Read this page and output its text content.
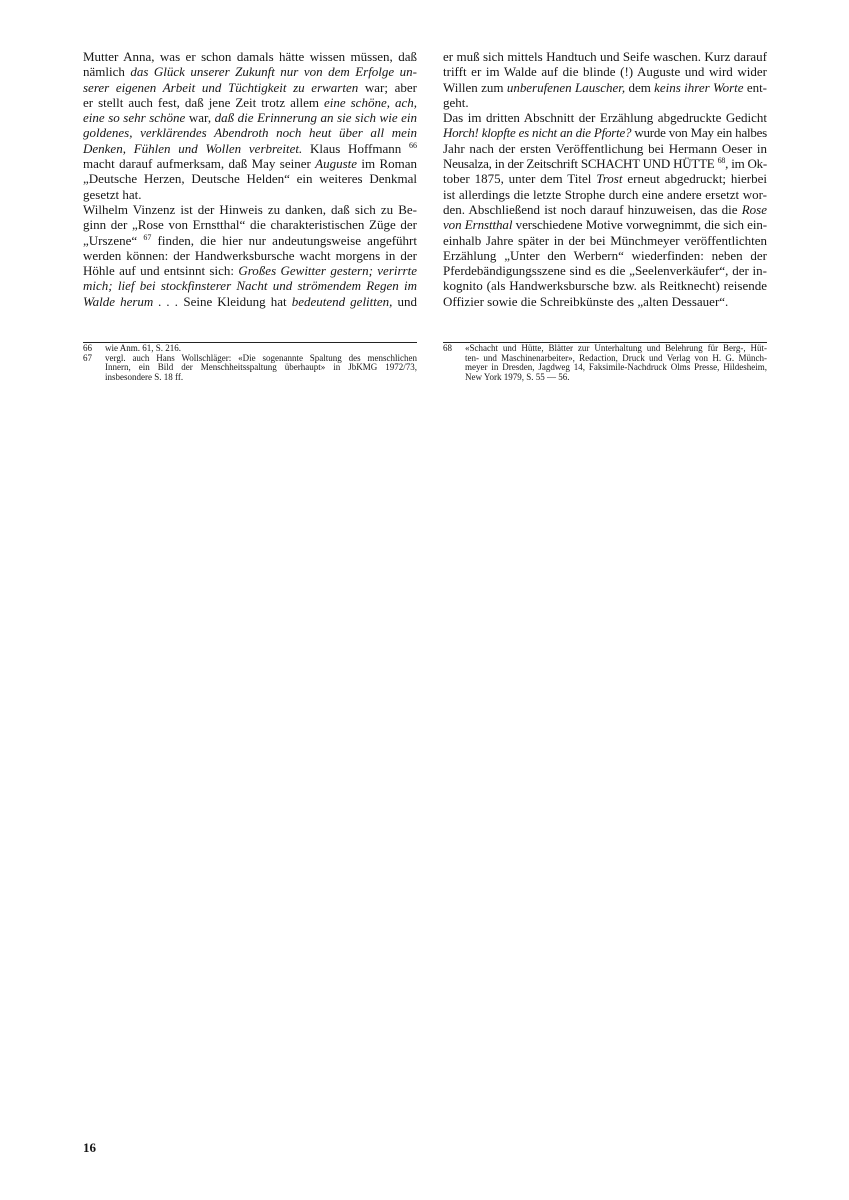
Mutter Anna, was er schon damals hätte wissen müssen, daß
nämlich das Glück unserer Zukunft nur von dem Erfolge un-
serer eigenen Arbeit und Tüchtigkeit zu erwarten war; aber
er stellt auch fest, daß jene Zeit trotz allem eine schöne, ach,
eine so sehr schöne war, daß die Erinnerung an sie sich wie ein
goldenes, verklärendes Abendroth noch heut über all mein
Denken, Fühlen und Wollen verbreitet. Klaus Hoffmann $^{66}$
macht darauf aufmerksam, daß May seiner Auguste im Roman
„Deutsche Herzen, Deutsche Helden“ ein weiteres Denkmal
gesetzt hat.
Wilhelm Vinzenz ist der Hinweis zu danken, daß sich zu Be-
ginn der „Rose von Ernstthal“ die charakteristischen Züge der
„Urszene“ $^{67}$ finden, die hier nur andeutungsweise angeführt
werden können: der Handwerksbursche wacht morgens in der
Höhle auf und entsinnt sich: Großes Gewitter gestern; verirrte
mich; lief bei stockfinsterer Nacht und strömendem Regen im
Walde herum . . . Seine Kleidung hat bedeutend gelitten, und
er muß sich mittels Handtuch und Seife waschen. Kurz darauf
trifft er im Walde auf die blinde (!) Auguste und wird wider
Willen zum unberufenen Lauscher, dem keins ihrer Worte ent-
geht.
Das im dritten Abschnitt der Erzählung abgedruckte Gedicht
Horch! klopfte es nicht an die Pforte? wurde von May ein halbes
Jahr nach der ersten Veröffentlichung bei Hermann Oeser in
Neusalza, in der Zeitschrift SCHACHT UND HÜTTE $^{68}$, im Ok-
tober 1875, unter dem Titel Trost erneut abgedruckt; hierbei
ist allerdings die letzte Strophe durch eine andere ersetzt wor-
den. Abschließend ist noch darauf hinzuweisen, das die Rose
von Ernstthal verschiedene Motive vorwegnimmt, die sich ein-
einhalb Jahre später in der bei Münchmeyer veröffentlichten
Erzählung „Unter den Werbern“ wiederfinden: neben der
Pferdebändigungsszene sind es die „Seelenverkäufer“, der in-
kognito (als Handwerksbursche bzw. als Reitknecht) reisende
Offizier sowie die Schreibkünste des „alten Dessauer“.
66	wie Anm. 61, S. 216.
67	vergl. auch Hans Wollschläger: «Die sogenannte Spaltung des menschlichen
Innern, ein Bild der Menschheitsspaltung überhaupt» in JbKMG 1972/73,
insbesondere S. 18 ff.
68	«Schacht und Hütte, Blätter zur Unterhaltung und Belehrung für Berg-, Hüt-
ten- und Maschinenarbeiter», Redaction, Druck und Verlag von H. G. Münch-
meyer in Dresden, Jagdweg 14, Faksimile-Nachdruck Olms Presse, Hildesheim,
New York 1979, S. 55 — 56.
16
